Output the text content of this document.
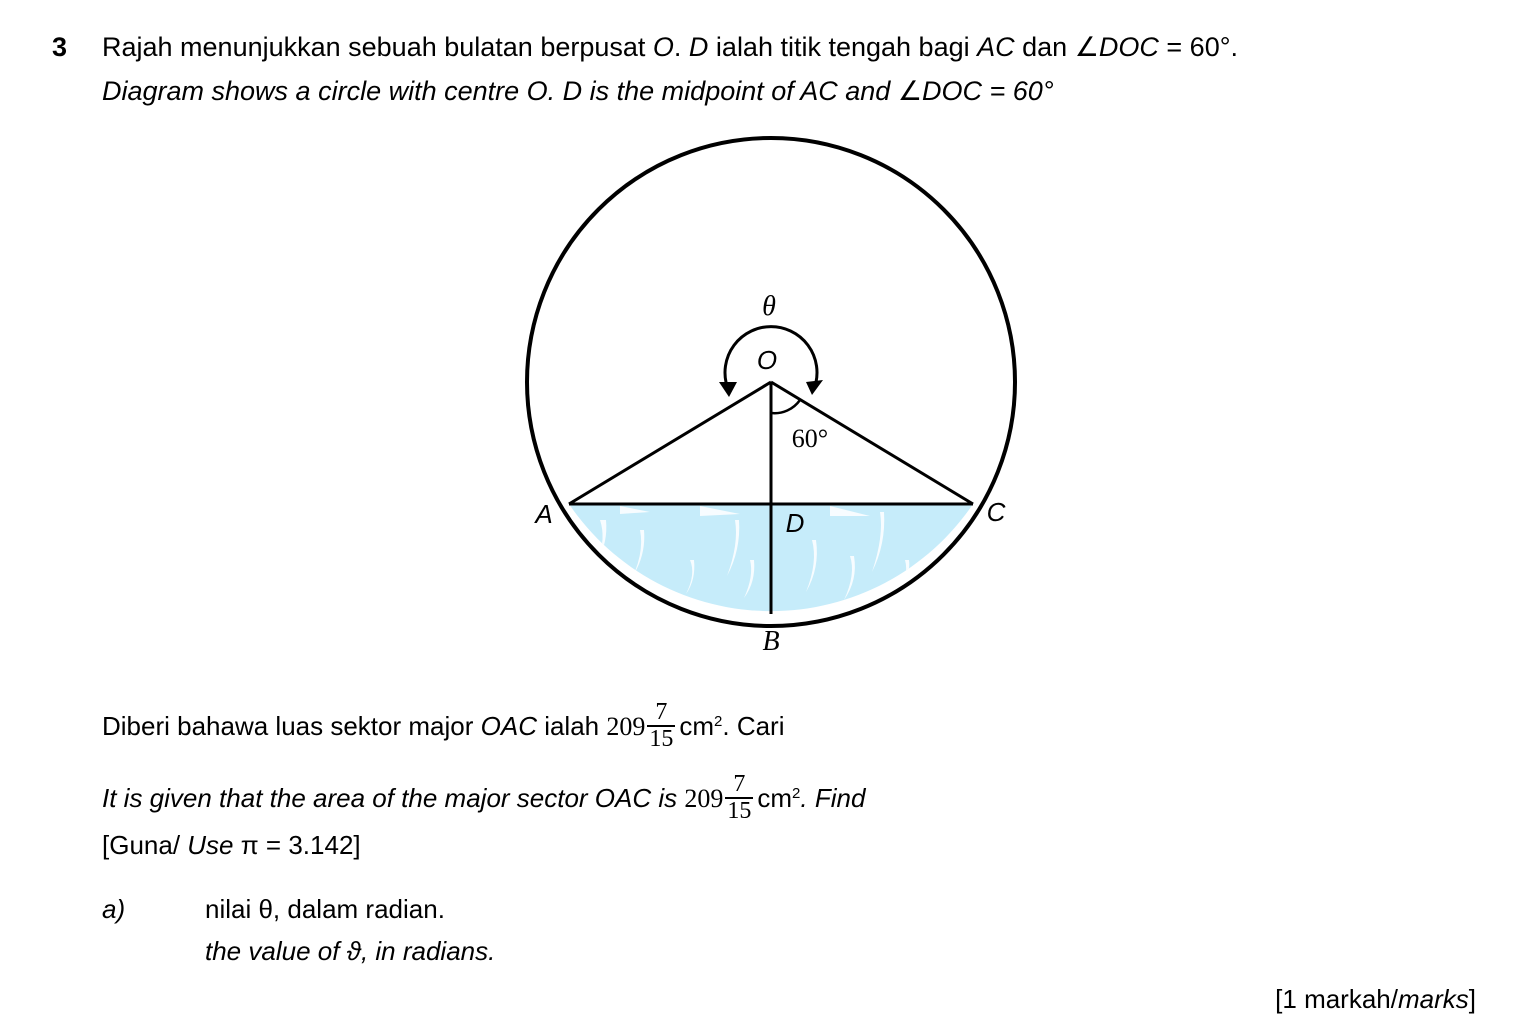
3 Rajah menunjukkan sebuah bulatan berpusat O. D ialah titik tengah bagi AC dan ∠DOC = 60°.
Diagram shows a circle with centre O. D is the midpoint of AC and ∠DOC = 60°
θ
O
60°
A	D	C
B
Diberi bahawa luas sektor major OAC ialah $209 \frac{7}{15} cm^2$. Cari
It is given that the area of the major sector OAC is $209 \frac{7}{15} cm^2$. Find
[Guna/ Use π = 3.142]
a)	nilai θ, dalam radian.
the value of ϑ, in radians.
[1 markah/marks]
